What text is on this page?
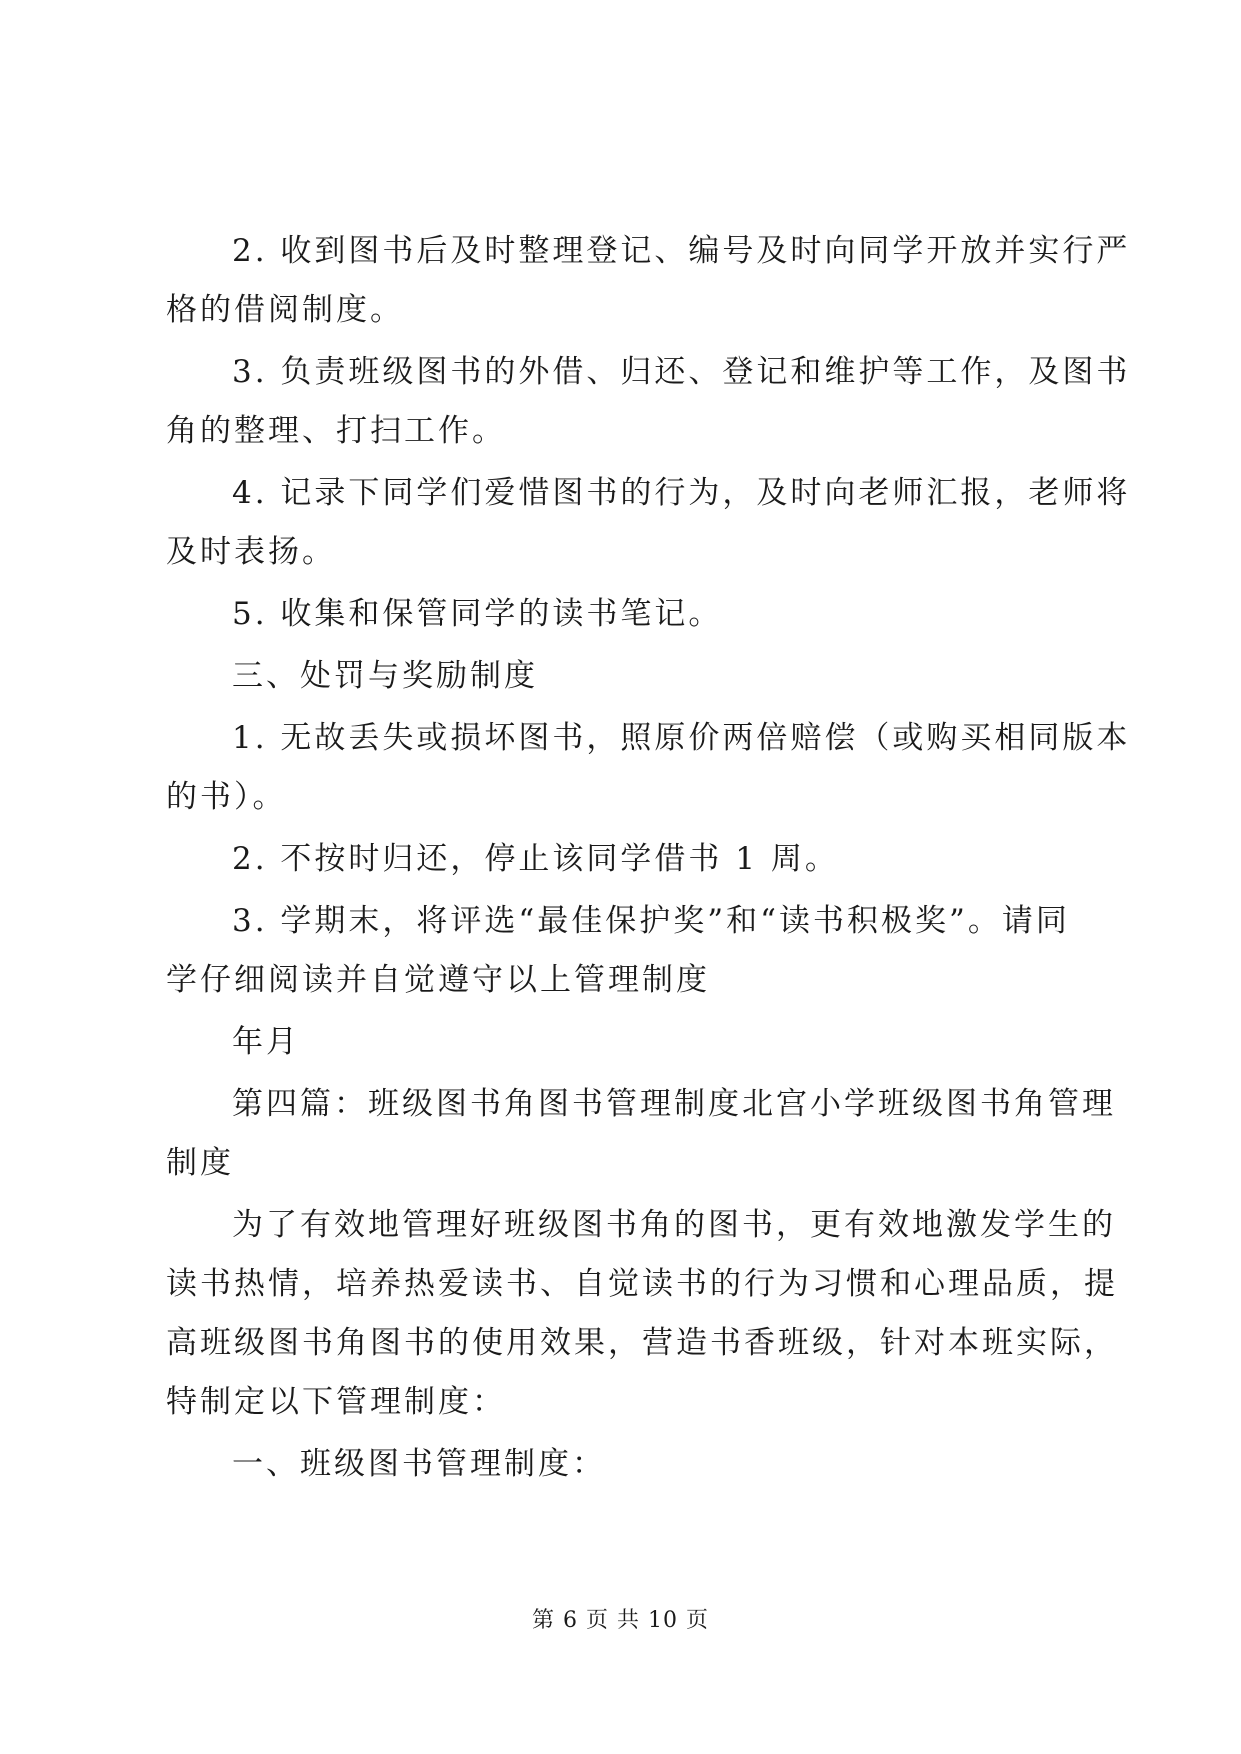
2. 收到图书后及时整理登记、编号及时向同学开放并实行严
格的借阅制度。

3. 负责班级图书的外借、归还、登记和维护等工作，及图书
角的整理、打扫工作。

4. 记录下同学们爱惜图书的行为，及时向老师汇报，老师将
及时表扬。

5. 收集和保管同学的读书笔记。

三、处罚与奖励制度

1. 无故丢失或损坏图书，照原价两倍赔偿（或购买相同版本
的书）。

2. 不按时归还，停止该同学借书 1 周。

3. 学期末，将评选“最佳保护奖”和“读书积极奖”。请同
学仔细阅读并自觉遵守以上管理制度

年月

第四篇：班级图书角图书管理制度北宫小学班级图书角管理
制度

为了有效地管理好班级图书角的图书，更有效地激发学生的
读书热情，培养热爱读书、自觉读书的行为习惯和心理品质，提
高班级图书角图书的使用效果，营造书香班级，针对本班实际，
特制定以下管理制度：

一、班级图书管理制度：

第 6 页 共 10 页
